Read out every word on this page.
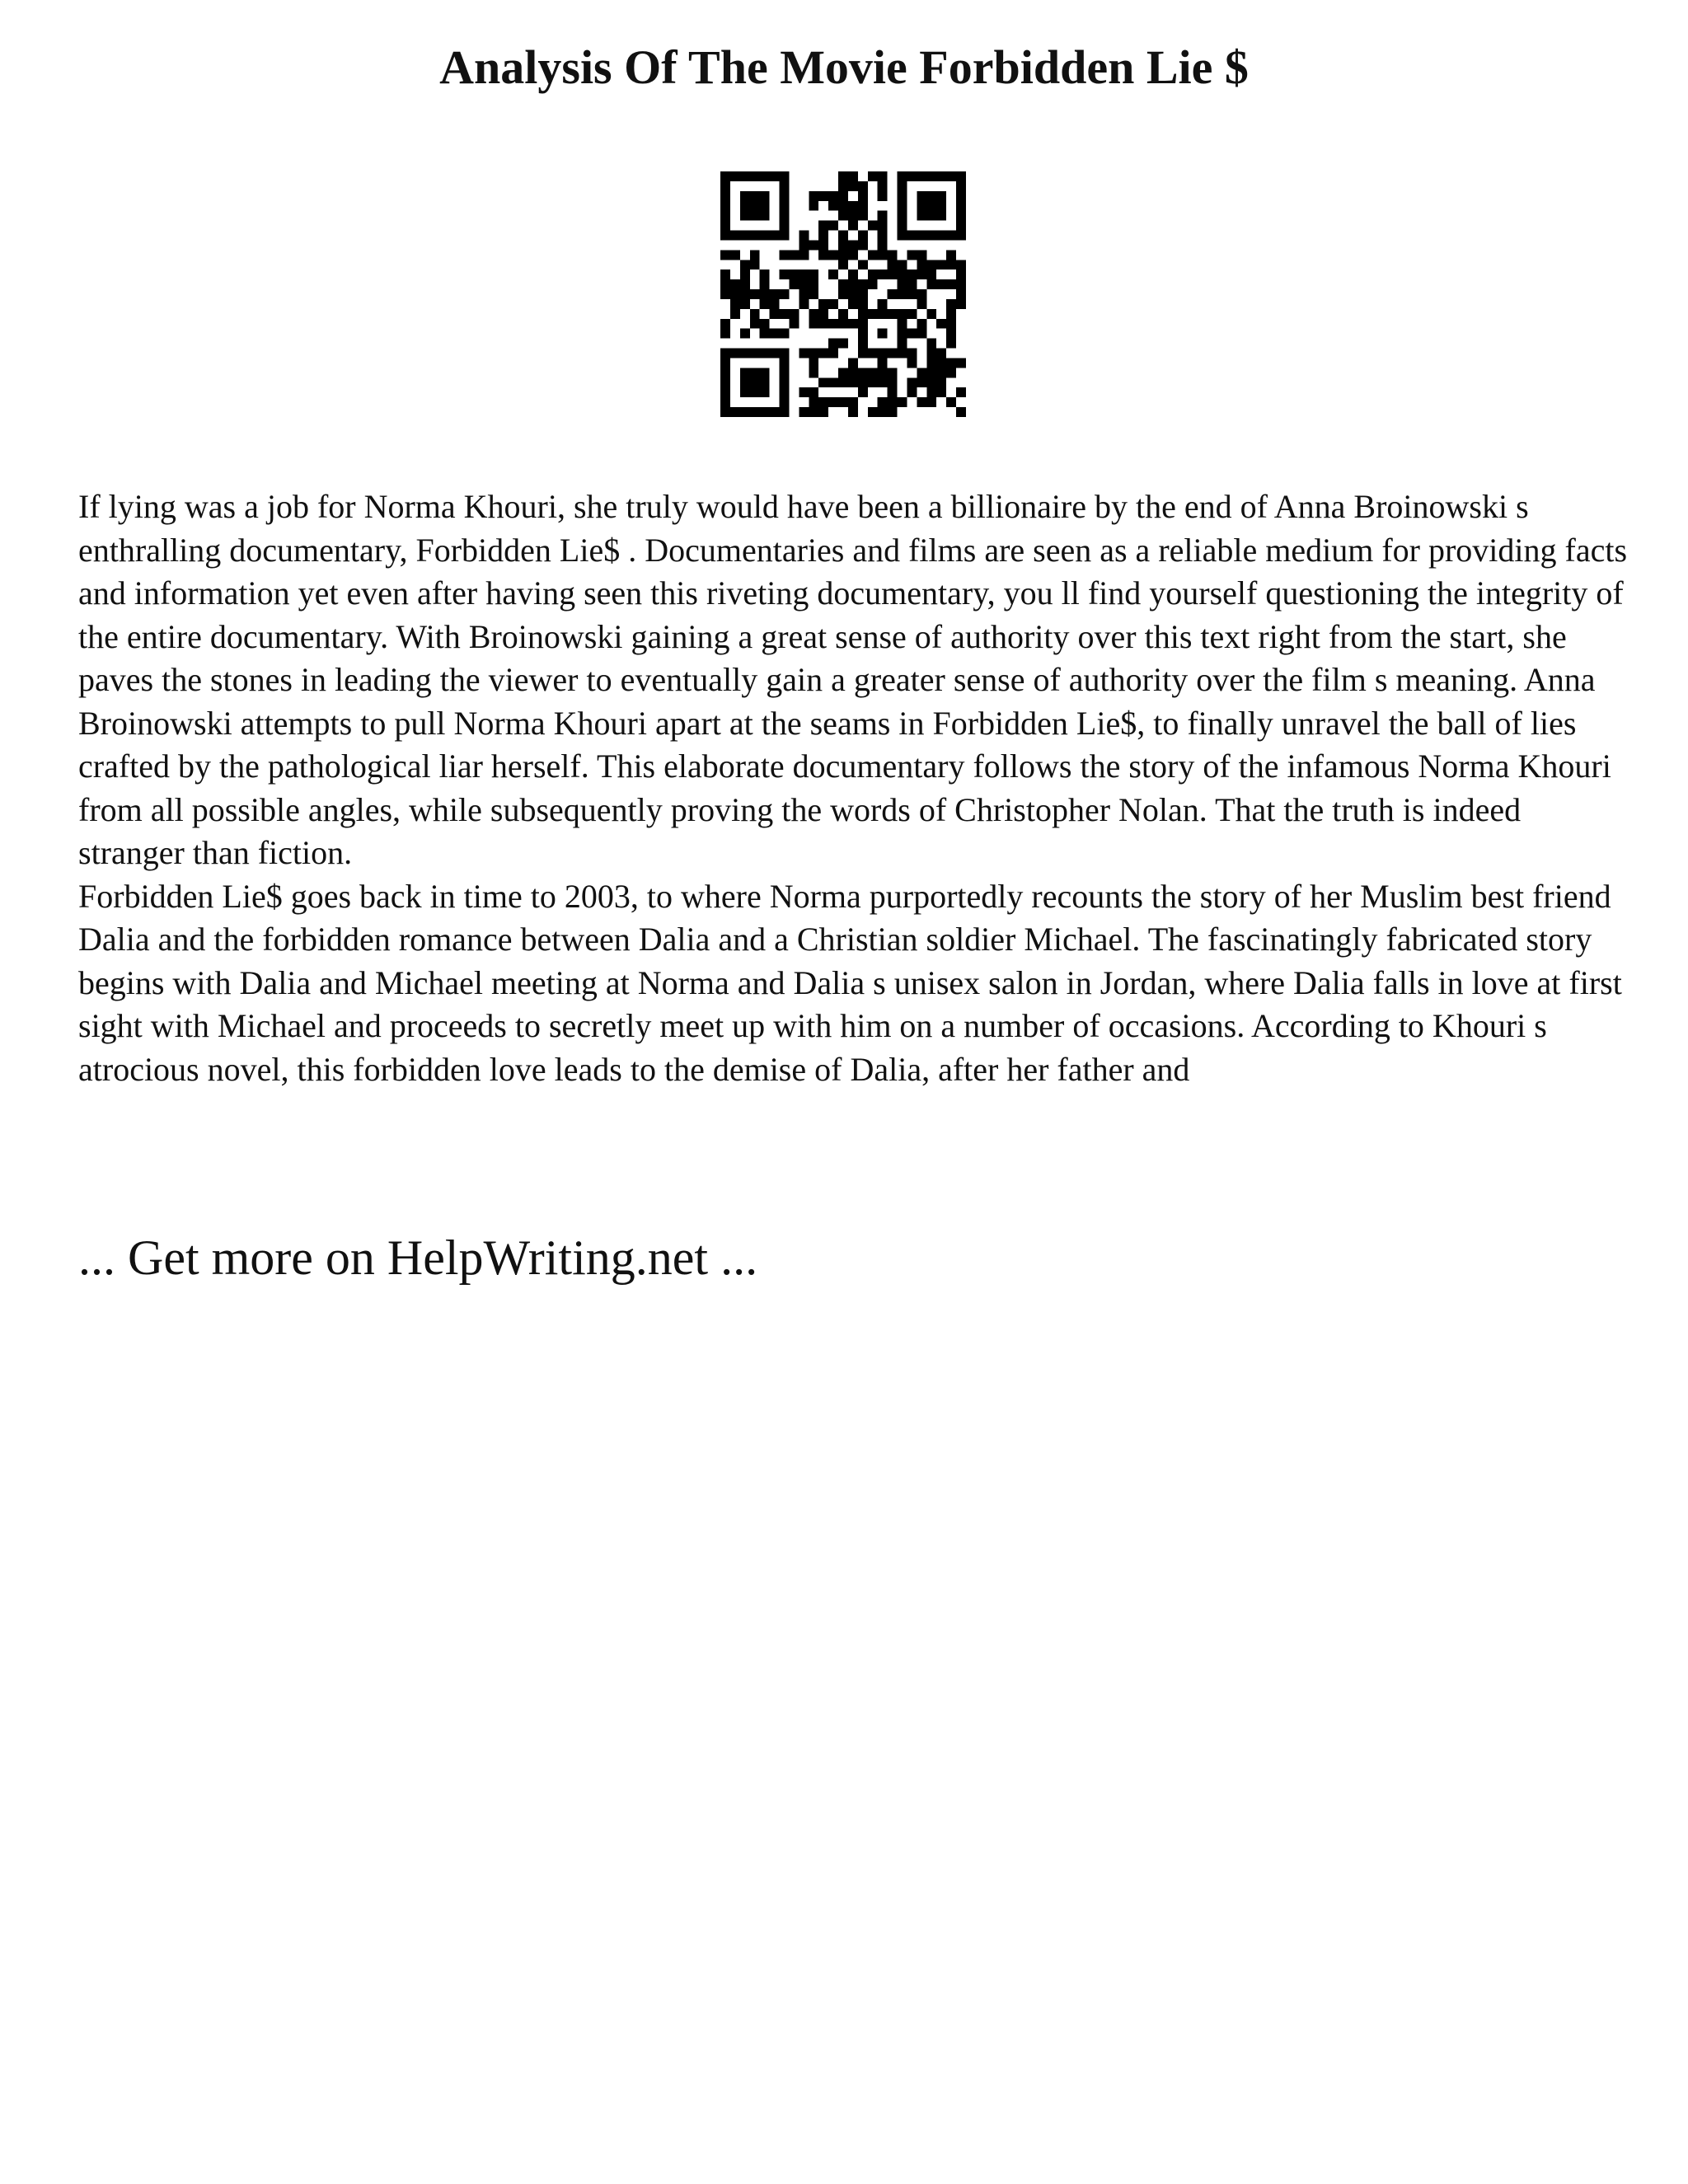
Analysis Of The Movie Forbidden Lie $

If lying was a job for Norma Khouri, she truly would have been a billionaire by the end of Anna Broinowski s enthralling documentary, Forbidden Lie$ . Documentaries and films are seen as a reliable medium for providing facts and information yet even after having seen this riveting documentary, you ll find yourself questioning the integrity of the entire documentary. With Broinowski gaining a great sense of authority over this text right from the start, she paves the stones in leading the viewer to eventually gain a greater sense of authority over the film s meaning. Anna Broinowski attempts to pull Norma Khouri apart at the seams in Forbidden Lie$, to finally unravel the ball of lies crafted by the pathological liar herself. This elaborate documentary follows the story of the infamous Norma Khouri from all possible angles, while subsequently proving the words of Christopher Nolan. That the truth is indeed stranger than fiction.

Forbidden Lie$ goes back in time to 2003, to where Norma purportedly recounts the story of her Muslim best friend Dalia and the forbidden romance between Dalia and a Christian soldier Michael. The fascinatingly fabricated story begins with Dalia and Michael meeting at Norma and Dalia s unisex salon in Jordan, where Dalia falls in love at first sight with Michael and proceeds to secretly meet up with him on a number of occasions. According to Khouri s atrocious novel, this forbidden love leads to the demise of Dalia, after her father and

... Get more on HelpWriting.net ...
